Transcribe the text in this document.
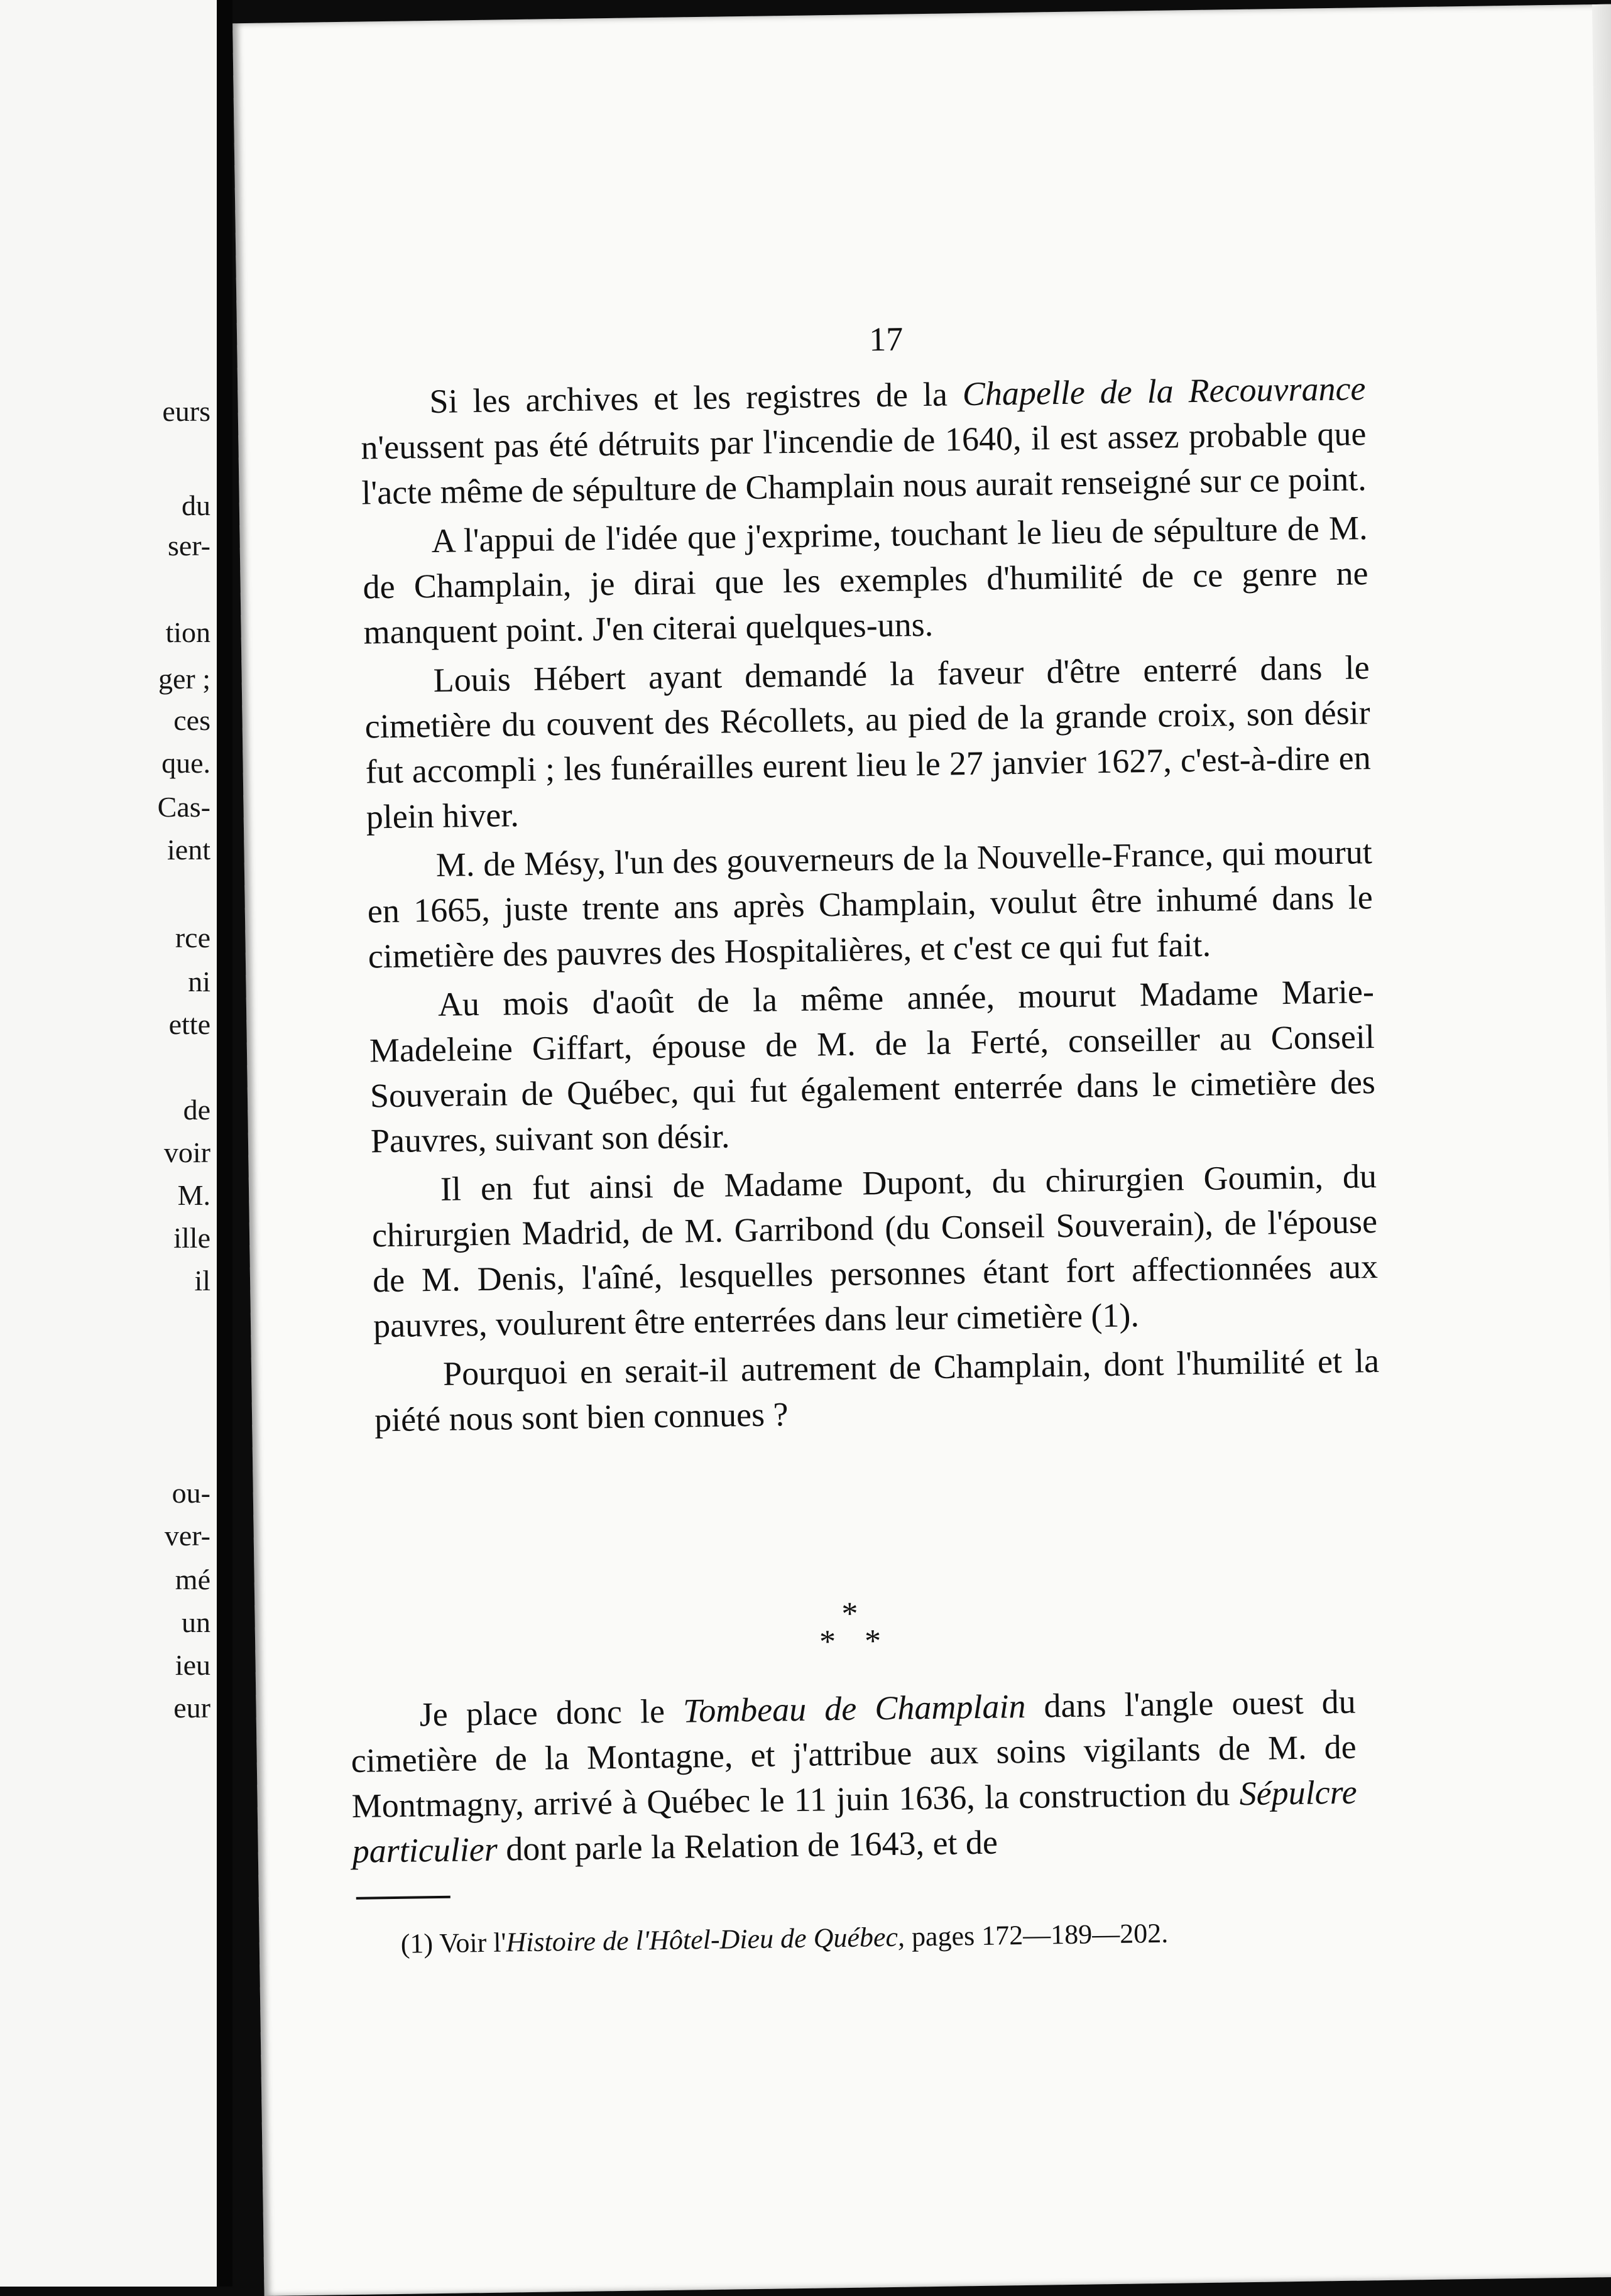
eurs
du
ser-
tion
ger ;
ces
que.
Cas-
ient
rce
ni
ette
de
voir
M.
ille
il
ou-
ver-
mé
un
ieu
eur
17

Si les archives et les registres de la Chapelle de la Recouvrance n'eussent pas été détruits par l'incendie de 1640, il est assez probable que l'acte même de sépulture de Champlain nous aurait renseigné sur ce point.

A l'appui de l'idée que j'exprime, touchant le lieu de sépulture de M. de Champlain, je dirai que les exemples d'humilité de ce genre ne manquent point. J'en citerai quelques-uns.

Louis Hébert ayant demandé la faveur d'être enterré dans le cimetière du couvent des Récollets, au pied de la grande croix, son désir fut accompli ; les funérailles eurent lieu le 27 janvier 1627, c'est-à-dire en plein hiver.

M. de Mésy, l'un des gouverneurs de la Nouvelle-France, qui mourut en 1665, juste trente ans après Champlain, voulut être inhumé dans le cimetière des pauvres des Hospitalières, et c'est ce qui fut fait.

Au mois d'août de la même année, mourut Madame Marie-Madeleine Giffart, épouse de M. de la Ferté, conseiller au Conseil Souverain de Québec, qui fut également enterrée dans le cimetière des Pauvres, suivant son désir.

Il en fut ainsi de Madame Dupont, du chirurgien Goumin, du chirurgien Madrid, de M. Garribond (du Conseil Souverain), de l'épouse de M. Denis, l'aîné, lesquelles personnes étant fort affectionnées aux pauvres, voulurent être enterrées dans leur cimetière (1).

Pourquoi en serait-il autrement de Champlain, dont l'humilité et la piété nous sont bien connues ?

*
* *

Je place donc le Tombeau de Champlain dans l'angle ouest du cimetière de la Montagne, et j'attribue aux soins vigilants de M. de Montmagny, arrivé à Québec le 11 juin 1636, la construction du Sépulcre particulier dont parle la Relation de 1643, et de

(1) Voir l'Histoire de l'Hôtel-Dieu de Québec, pages 172—189—202.
